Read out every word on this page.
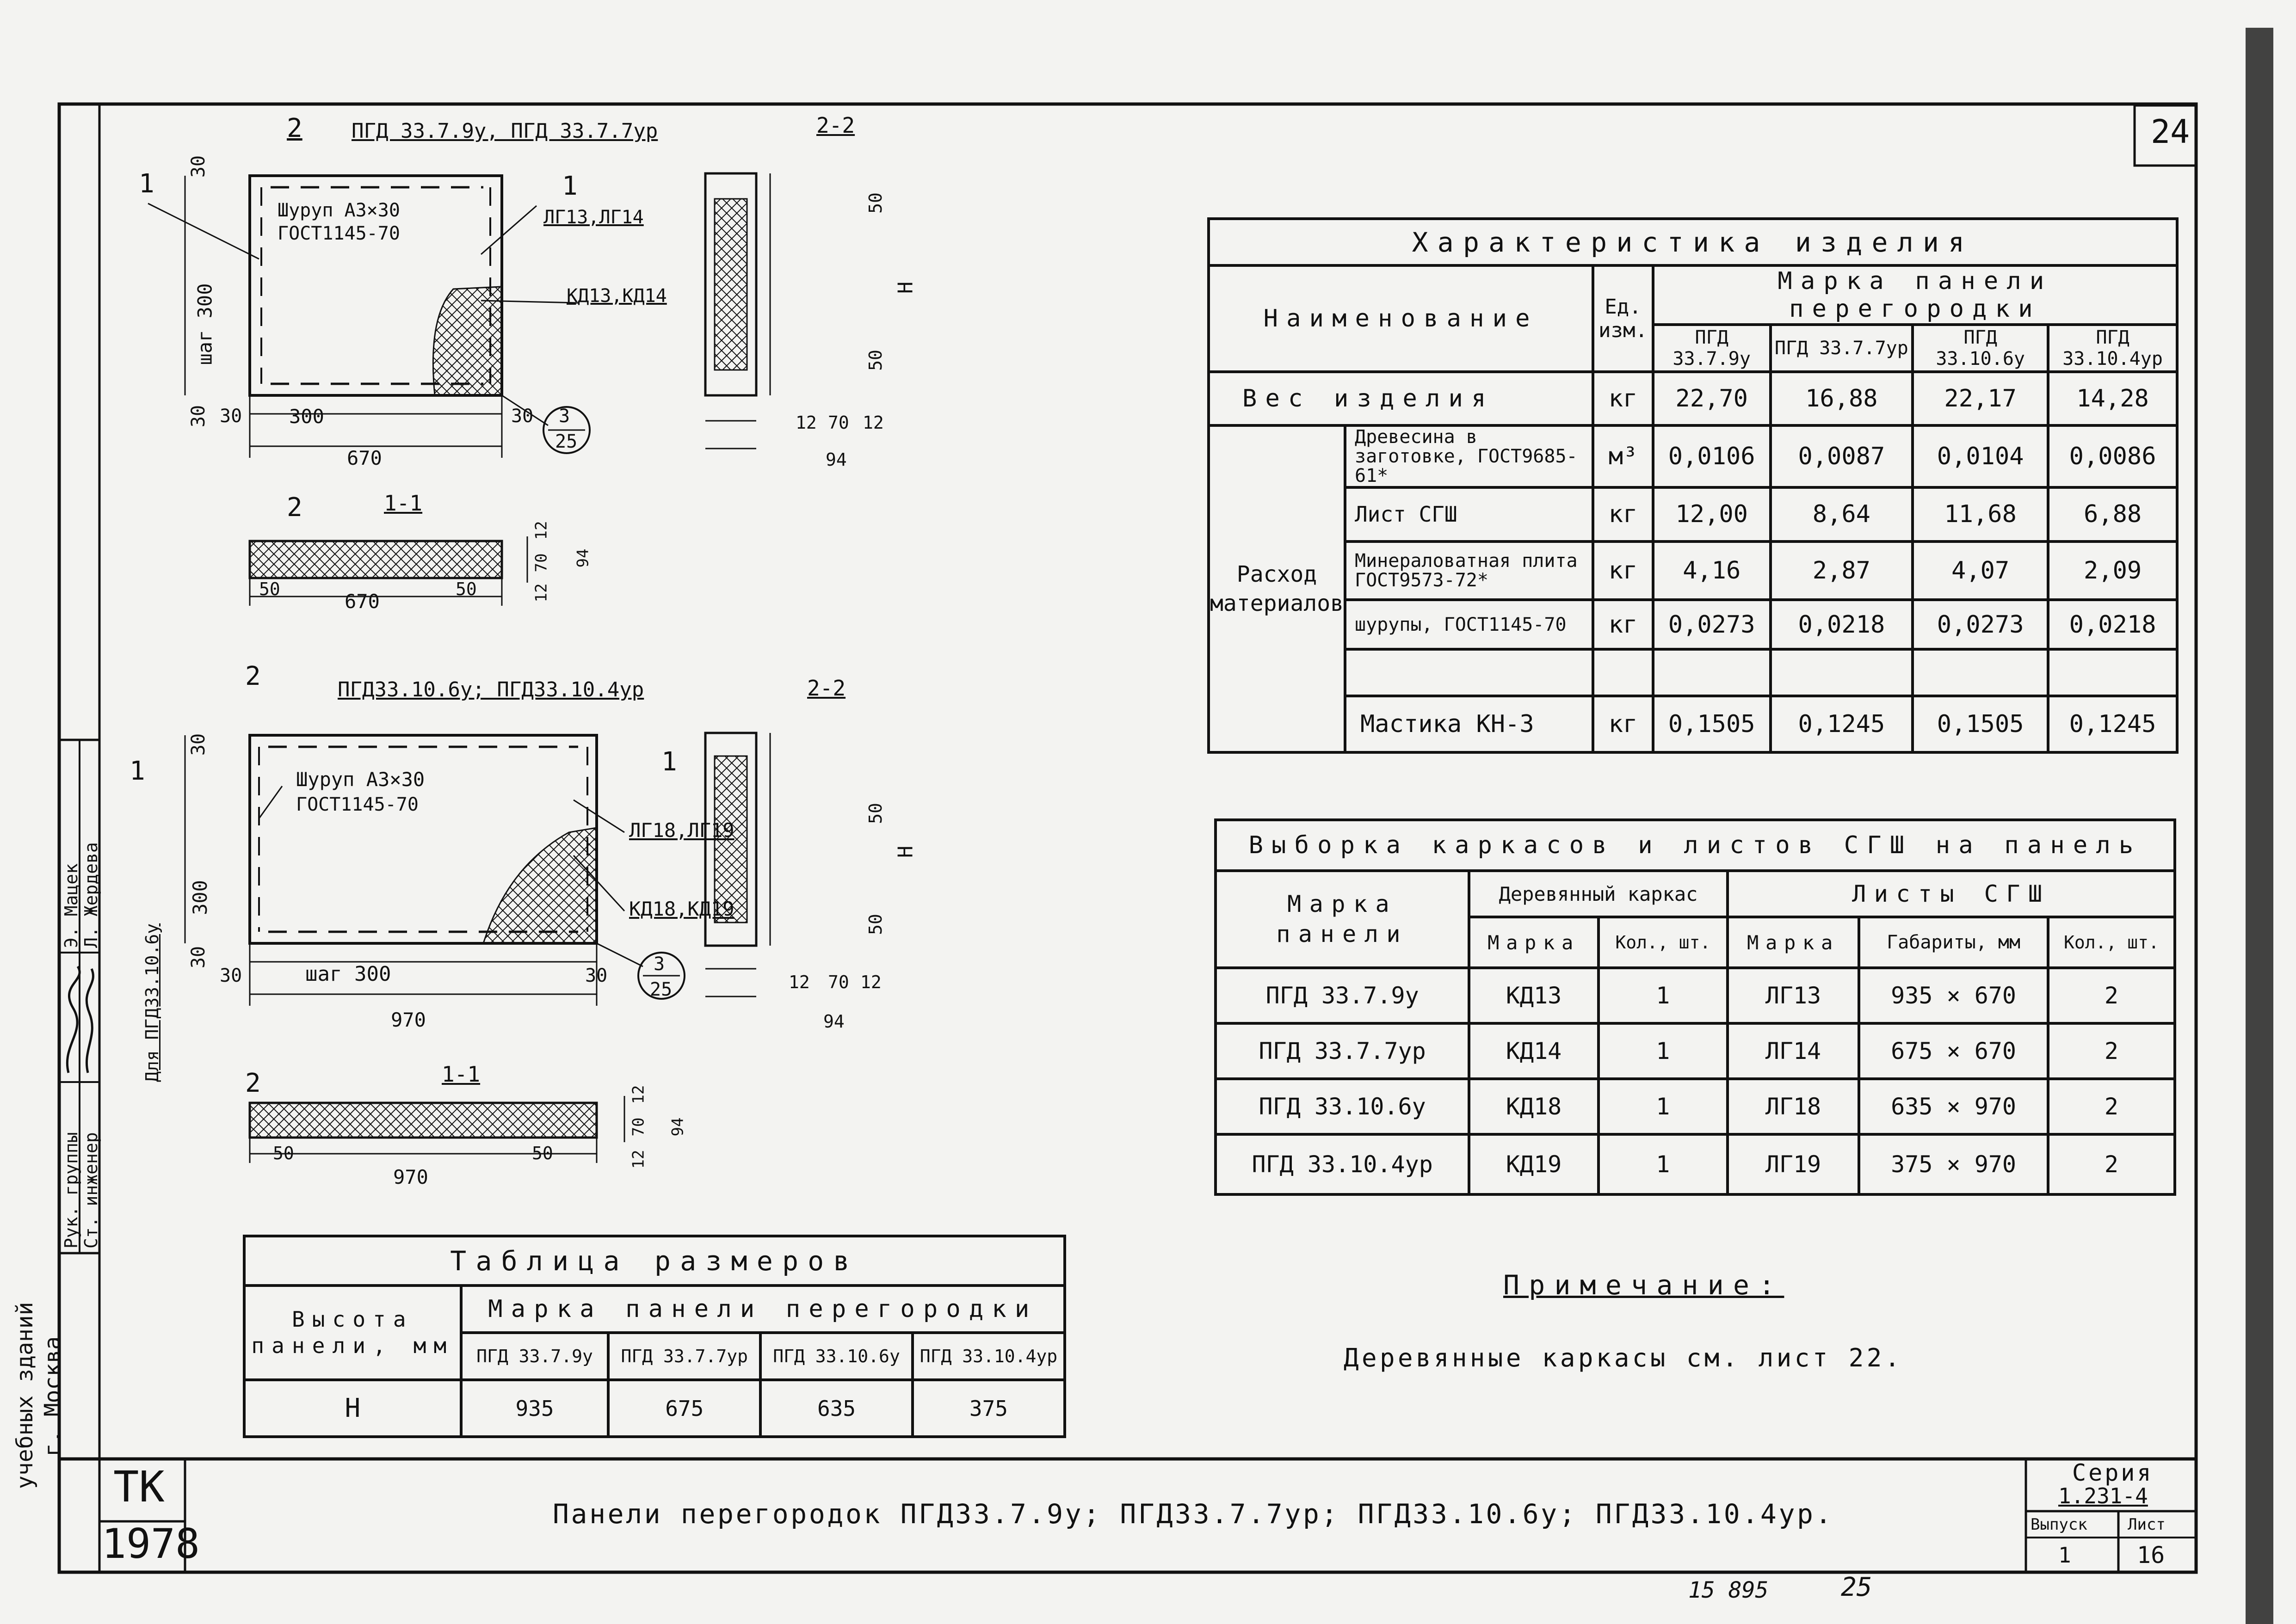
24
учебных зданий г. Москва
Рук. группы Ст. инженер
Э. Мацек Л. Жердева
2 ПГД 33.7.9у, ПГД 33.7.7ур
1	1
Шуруп А3×30
ГОСТ1145-70
ЛГ13,ЛГ14
КД13,КД14
3
25
30
шаг 300
30 30 300	30
670
2-2
50
H
50
12 70 12
94
2	1-1
50
670
50
12
70 94
12
2	ПГД33.10.6у; ПГД33.10.4ур
1	1
Шуруп А3×30
ГОСТ1145-70
ЛГ18,ЛГ19
КД18,КД19
3
25
30
300
30
30	шаг 300	30
970
Для ПГД33.10.6у
2-2
50
H
50
12 70 12
94
2	1-1
50
970
50
12
70
12
94
Характеристика изделия						
Наименование		Ед. изм.	Марка панели перегородки			
			ПГД 33.7.9у	ПГД 33.7.7ур	ПГД 33.10.6у	ПГД 33.10.4ур
Вес изделия		кг	22,70	16,88	22,17	14,28
Расход материалов	Древесина в заготовке, ГОСТ9685-61*	м³	0,0106	0,0087	0,0104	0,0086
	Лист СГШ	кг	12,00	8,64	11,68	6,88
	Минераловатная плита ГОСТ9573-72*	кг	4,16	2,87	4,07	2,09
	шурупы, ГОСТ1145-70	кг	0,0273	0,0218	0,0273	0,0218

	Мастика КН-3	кг	0,1505	0,1245	0,1505	0,1245
Выборка каркасов и листов СГШ на панель					
Марка панели	Деревянный каркас		Листы СГШ		
	Марка	Кол., шт.	Марка	Габариты, мм	Кол., шт.
ПГД 33.7.9у	КД13	1	ЛГ13	935 × 670	2
ПГД 33.7.7ур	КД14	1	ЛГ14	675 × 670	2
ПГД 33.10.6у	КД18	1	ЛГ18	635 × 970	2
ПГД 33.10.4ур	КД19	1	ЛГ19	375 × 970	2
Примечание:
Деревянные каркасы см. лист 22.
Таблица размеров				
Высота панели, мм	Марка панели перегородки			
	ПГД 33.7.9у	ПГД 33.7.7ур	ПГД 33.10.6у	ПГД 33.10.4ур
H	935	675	635	375
ТК
1978
Панели перегородок ПГД33.7.9у; ПГД33.7.7ур; ПГД33.10.6у; ПГД33.10.4ур.
Серия
1.231-4
Выпуск
1
Лист
16
15 895	25
